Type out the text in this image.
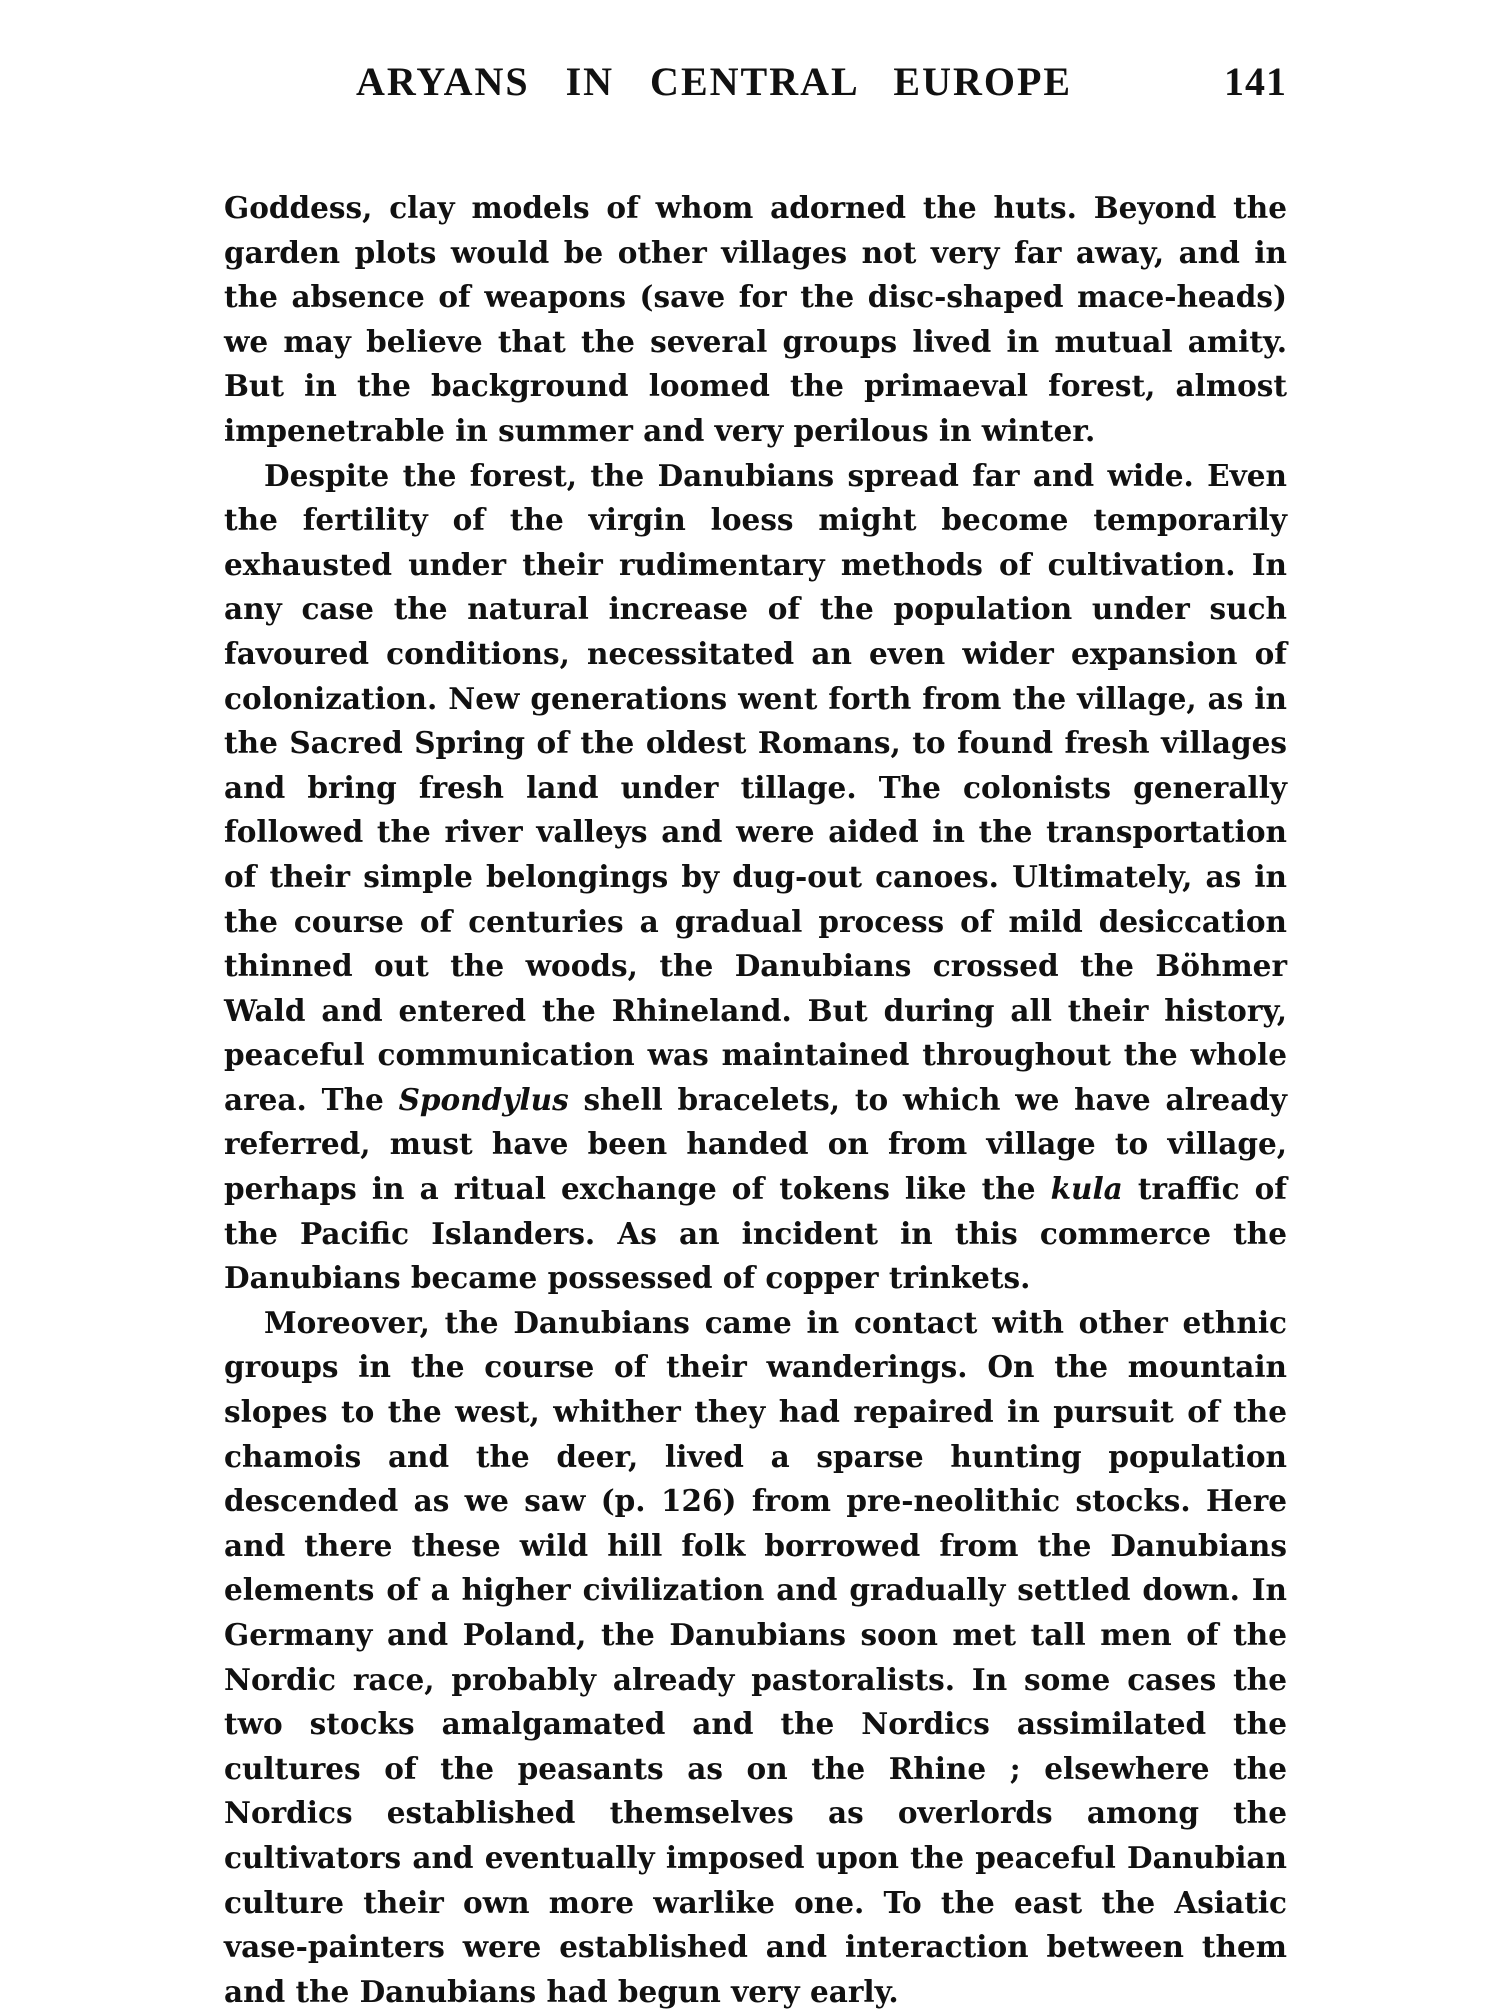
ARYANS IN CENTRAL EUROPE	141

Goddess, clay models of whom adorned the huts. Beyond the garden plots would be other villages not very far away, and in the absence of weapons (save for the disc-shaped mace-heads) we may believe that the several groups lived in mutual amity. But in the background loomed the primaeval forest, almost impenetrable in summer and very perilous in winter.

Despite the forest, the Danubians spread far and wide. Even the fertility of the virgin loess might become temporarily exhausted under their rudimentary methods of cultivation. In any case the natural increase of the population under such favoured conditions, necessitated an even wider expansion of colonization. New generations went forth from the village, as in the Sacred Spring of the oldest Romans, to found fresh villages and bring fresh land under tillage. The colonists generally followed the river valleys and were aided in the transportation of their simple belongings by dug-out canoes. Ultimately, as in the course of centuries a gradual process of mild desiccation thinned out the woods, the Danubians crossed the Böhmer Wald and entered the Rhineland. But during all their history, peaceful communication was maintained throughout the whole area. The Spondylus shell bracelets, to which we have already referred, must have been handed on from village to village, perhaps in a ritual exchange of tokens like the kula traffic of the Pacific Islanders. As an incident in this commerce the Danubians became possessed of copper trinkets.

Moreover, the Danubians came in contact with other ethnic groups in the course of their wanderings. On the mountain slopes to the west, whither they had repaired in pursuit of the chamois and the deer, lived a sparse hunting population descended as we saw (p. 126) from pre-neolithic stocks. Here and there these wild hill folk borrowed from the Danubians elements of a higher civilization and gradually settled down. In Germany and Poland, the Danubians soon met tall men of the Nordic race, probably already pastoralists. In some cases the two stocks amalgamated and the Nordics assimilated the cultures of the peasants as on the Rhine ; elsewhere the Nordics established themselves as overlords among the cultivators and eventually imposed upon the peaceful Danubian culture their own more warlike one. To the east the Asiatic vase-painters were established and interaction between them and the Danubians had begun very early.
